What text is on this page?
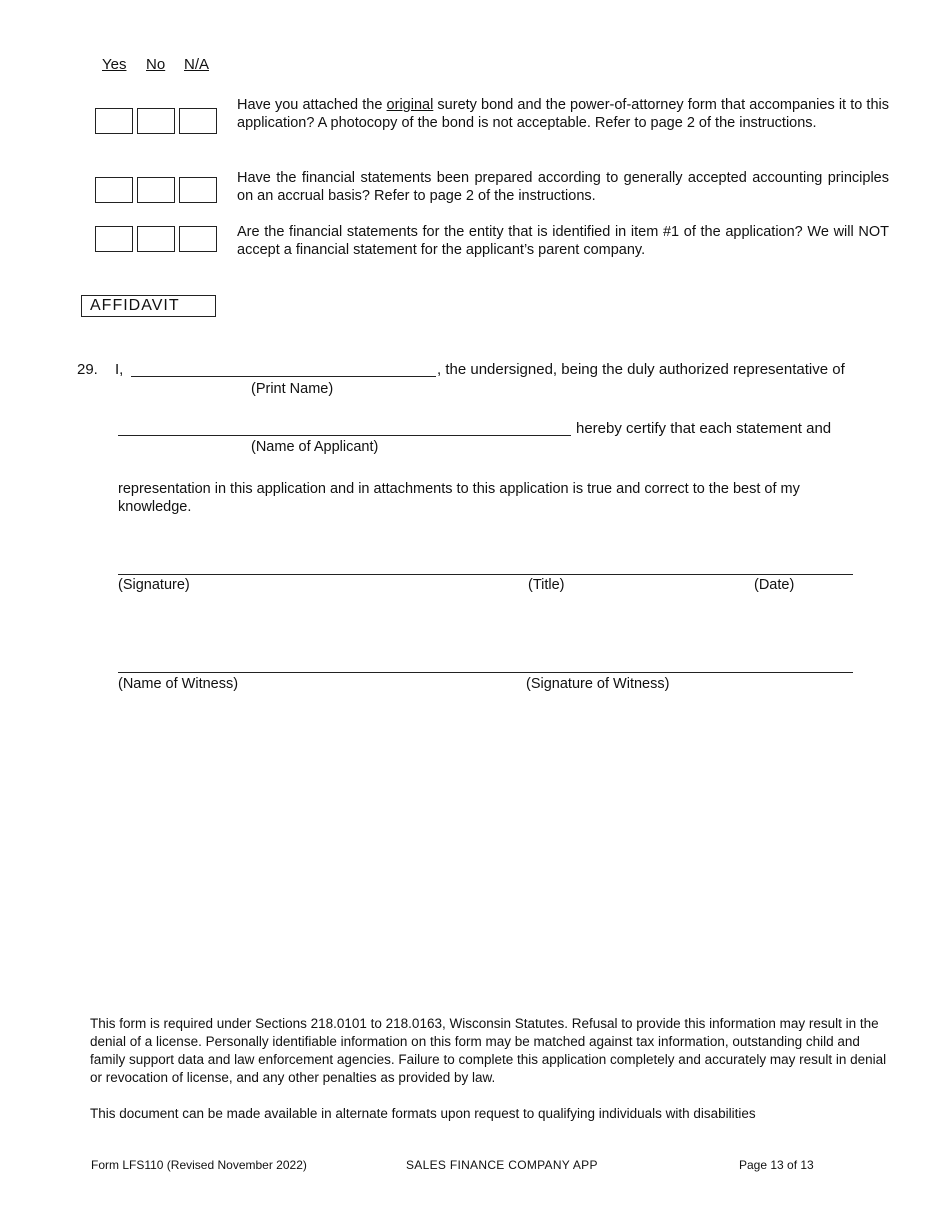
Yes No N/A
Have you attached the original surety bond and the power-of-attorney form that accompanies it to this application? A photocopy of the bond is not acceptable. Refer to page 2 of the instructions.
Have the financial statements been prepared according to generally accepted accounting principles on an accrual basis? Refer to page 2 of the instructions.
Are the financial statements for the entity that is identified in item #1 of the application? We will NOT accept a financial statement for the applicant’s parent company.
AFFIDAVIT
29. I,	, the undersigned, being the duly authorized representative of
(Print Name)
hereby certify that each statement and
(Name of Applicant)
representation in this application and in attachments to this application is true and correct to the best of my knowledge.
(Signature)	(Title)	(Date)
(Name of Witness)	(Signature of Witness)
This form is required under Sections 218.0101 to 218.0163, Wisconsin Statutes. Refusal to provide this information may result in the denial of a license. Personally identifiable information on this form may be matched against tax information, outstanding child and family support data and law enforcement agencies. Failure to complete this application completely and accurately may result in denial or revocation of license, and any other penalties as provided by law.
This document can be made available in alternate formats upon request to qualifying individuals with disabilities
Form LFS110 (Revised November 2022)	SALES FINANCE COMPANY APP	Page 13 of 13
